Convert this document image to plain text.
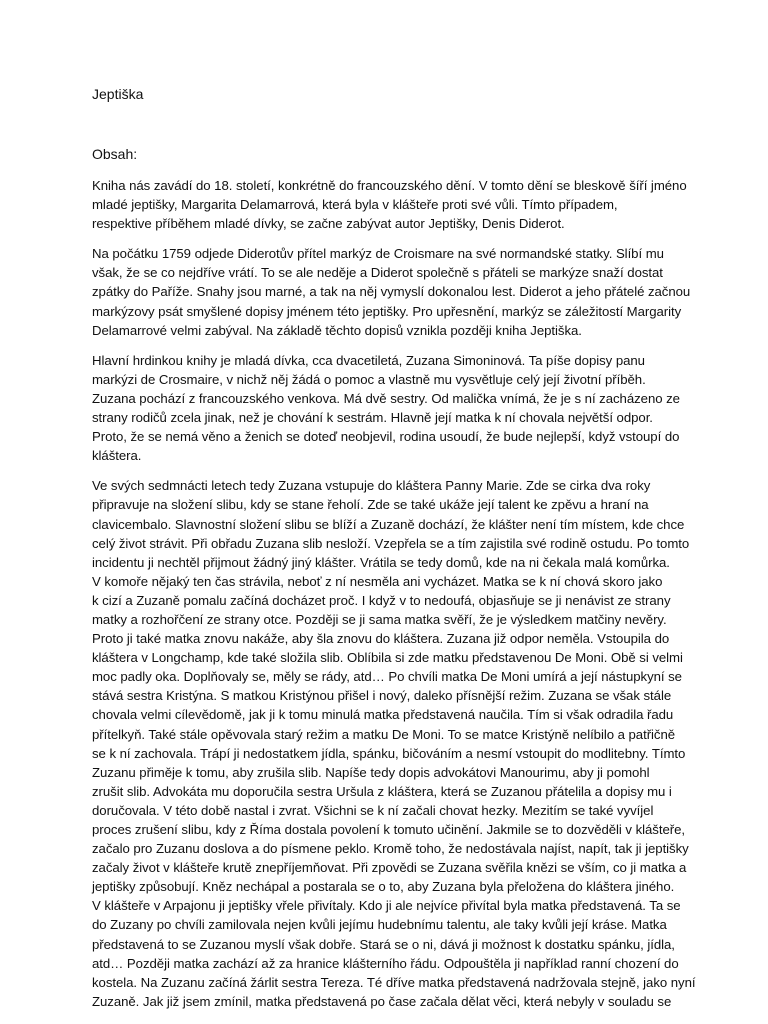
Jeptiška
Obsah:
Kniha nás zavádí do 18. století, konkrétně do francouzského dění. V tomto dění se bleskově šíří jméno
mladé jeptišky, Margarita Delamarrová, která byla v klášteře proti své vůli. Tímto případem,
respektive příběhem mladé dívky, se začne zabývat autor Jeptišky, Denis Diderot.
Na počátku 1759 odjede Diderotův přítel markýz de Croismare na své normandské statky. Slíbí mu
však, že se co nejdříve vrátí. To se ale neděje a Diderot společně s přáteli se markýze snaží dostat
zpátky do Paříže. Snahy jsou marné, a tak na něj vymyslí dokonalou lest. Diderot a jeho přátelé začnou
markýzovy psát smyšlené dopisy jménem této jeptišky. Pro upřesnění, markýz se záležitostí Margarity
Delamarrové velmi zabýval. Na základě těchto dopisů vznikla později kniha Jeptiška.
Hlavní hrdinkou knihy je mladá dívka, cca dvacetiletá, Zuzana Simoninová. Ta píše dopisy panu
markýzi de Crosmaire, v nichž něj žádá o pomoc a vlastně mu vysvětluje celý její životní příběh.
Zuzana pochází z francouzského venkova. Má dvě sestry. Od malička vnímá, že je s ní zacházeno ze
strany rodičů zcela jinak, než je chování k sestrám. Hlavně její matka k ní chovala největší odpor.
Proto, že se nemá věno a ženich se doteď neobjevil, rodina usoudí, že bude nejlepší, když vstoupí do
kláštera.
Ve svých sedmnácti letech tedy Zuzana vstupuje do kláštera Panny Marie. Zde se cirka dva roky
připravuje na složení slibu, kdy se stane řeholí. Zde se také ukáže její talent ke zpěvu a hraní na
clavicembalo. Slavnostní složení slibu se blíží a Zuzaně dochází, že klášter není tím místem, kde chce
celý život strávit. Při obřadu Zuzana slib nesloží. Vzepřela se a tím zajistila své rodině ostudu. Po tomto
incidentu ji nechtěl přijmout žádný jiný klášter. Vrátila se tedy domů, kde na ni čekala malá komůrka.
V komoře nějaký ten čas strávila, neboť z ní nesměla ani vycházet. Matka se k ní chová skoro jako
k cizí a Zuzaně pomalu začíná docházet proč. I když v to nedoufá, objasňuje se ji nenávist ze strany
matky a rozhořčení ze strany otce. Později se ji sama matka svěří, že je výsledkem matčiny nevěry.
Proto ji také matka znovu nakáže, aby šla znovu do kláštera. Zuzana již odpor neměla. Vstoupila do
kláštera v Longchamp, kde také složila slib. Oblíbila si zde matku představenou De Moni. Obě si velmi
moc padly oka. Doplňovaly se, měly se rády, atd… Po chvíli matka De Moni umírá a její nástupkyní se
stává sestra Kristýna. S matkou Kristýnou přišel i nový, daleko přísnější režim. Zuzana se však stále
chovala velmi cílevědomě, jak ji k tomu minulá matka představená naučila. Tím si však odradila řadu
přítelkyň. Také stále opěvovala starý režim a matku De Moni. To se matce Kristýně nelíbilo a patřičně
se k ní zachovala. Trápí ji nedostatkem jídla, spánku, bičováním a nesmí vstoupit do modlitebny. Tímto
Zuzanu přiměje k tomu, aby zrušila slib. Napíše tedy dopis advokátovi Manourimu, aby ji pomohl
zrušit slib. Advokáta mu doporučila sestra Uršula z kláštera, která se Zuzanou přátelila a dopisy mu i
doručovala. V této době nastal i zvrat. Všichni se k ní začali chovat hezky. Mezitím se také vyvíjel
proces zrušení slibu, kdy z Říma dostala povolení k tomuto učinění. Jakmile se to dozvěděli v klášteře,
začalo pro Zuzanu doslova a do písmene peklo. Kromě toho, že nedostávala najíst, napít, tak ji jeptišky
začaly život v klášteře krutě znepříjemňovat. Při zpovědi se Zuzana svěřila knězi se vším, co ji matka a
jeptišky způsobují. Kněz nechápal a postarala se o to, aby Zuzana byla přeložena do kláštera jiného.
V klášteře v Arpajonu ji jeptišky vřele přivítaly. Kdo ji ale nejvíce přivítal byla matka představená. Ta se
do Zuzany po chvíli zamilovala nejen kvůli jejímu hudebnímu talentu, ale taky kvůli její kráse. Matka
představená to se Zuzanou myslí však dobře. Stará se o ni, dává ji možnost k dostatku spánku, jídla,
atd… Později matka zachází až za hranice klášterního řádu. Odpouštěla ji například ranní chození do
kostela. Na Zuzanu začíná žárlit sestra Tereza. Té dříve matka představená nadržovala stejně, jako nyní
Zuzaně. Jak již jsem zmínil, matka představená po čase začala dělat věci, která nebyly v souladu se
